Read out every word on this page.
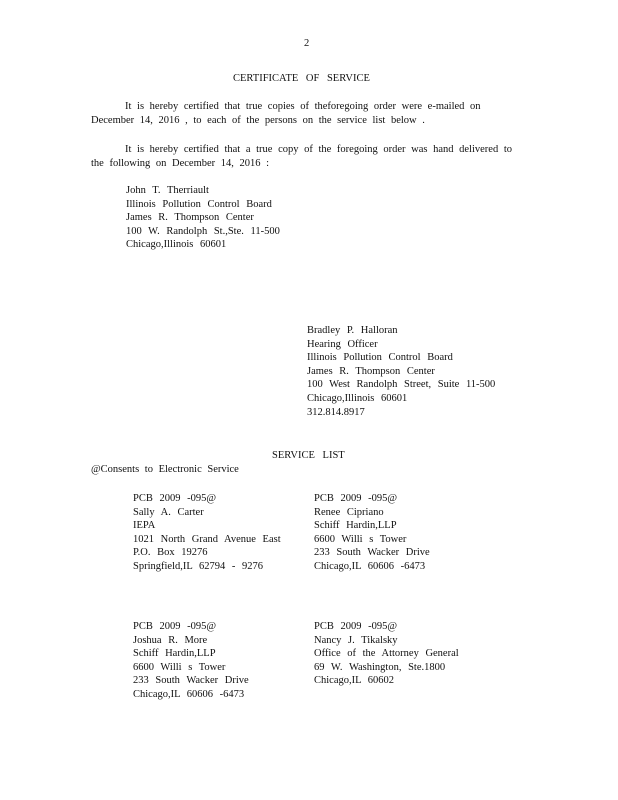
2
CERTIFICATE OF SERVICE
It is hereby certified that true copies of theforegoing order were e-mailed on December 14, 2016 , to each of the persons on the service list below .
It is hereby certified that a true copy of the foregoing order was hand delivered to the following on December 14, 2016 :
John T. Therriault
Illinois Pollution Control Board
James R. Thompson Center
100 W. Randolph St.,Ste. 11-500
Chicago,Illinois 60601
Bradley P. Halloran
Hearing Officer
Illinois Pollution Control Board
James R. Thompson Center
100 West Randolph Street, Suite 11-500
Chicago,Illinois 60601
312.814.8917
SERVICE LIST
@Consents to Electronic Service
PCB 2009 -095@
Sally A. Carter
IEPA
1021 North Grand Avenue East
P.O. Box 19276
Springfield,IL 62794 - 9276
PCB 2009 -095@
Renee Cipriano
Schiff Hardin,LLP
6600 Willi s Tower
233 South Wacker Drive
Chicago,IL 60606 -6473
PCB 2009 -095@
Joshua R. More
Schiff Hardin,LLP
6600 Willi s Tower
233 South Wacker Drive
Chicago,IL 60606 -6473
PCB 2009 -095@
Nancy J. Tikalsky
Office of the Attorney General
69 W. Washington, Ste.1800
Chicago,IL 60602
